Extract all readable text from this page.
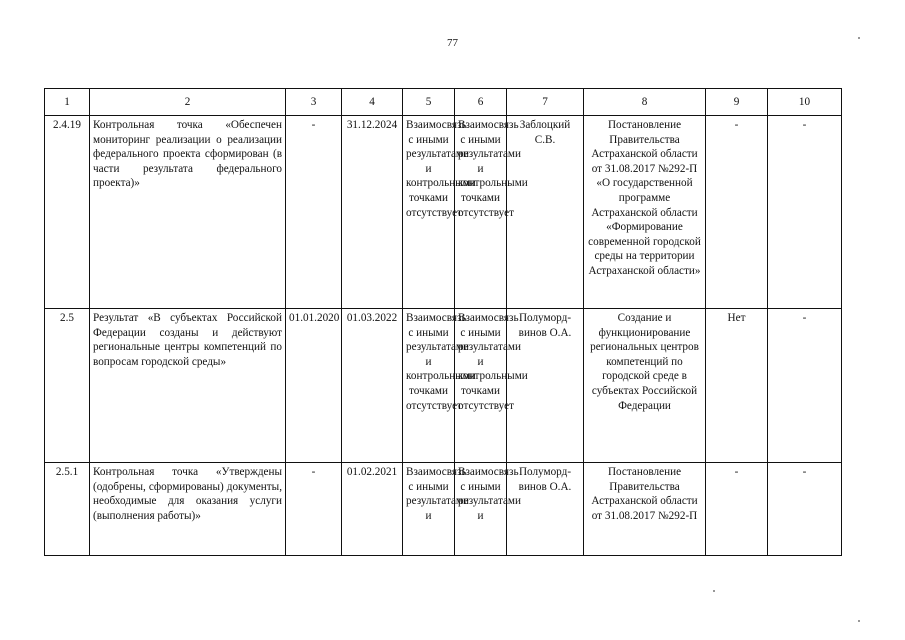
77
1	2	3	4	5	6	7	8	9	10
2.4.19	Контрольная точка «Обеспечен мониторинг реализации о реализации федерального проекта сформирован (в части результата федерального проекта)»	-	31.12.2024	Взаимосвязь с иными результатами и контрольными точками отсутствует	Взаимосвязь с иными результатами и контрольными точками отсутствует	Заблоцкий С.В.	Постановление Правительства Астраханской области от 31.08.2017 №292-П «О государственной программе Астраханской области «Формирование современной городской среды на территории Астраханской области»	-	-
2.5	Результат «В субъектах Российской Федерации созданы и действуют региональные центры компетенций по вопросам городской среды»	01.01.2020	01.03.2022	Взаимосвязь с иными результатами и контрольными точками отсутствует	Взаимосвязь с иными результатами и контрольными точками отсутствует	Полуморд-винов О.А.	Создание и функционирование региональных центров компетенций по городской среде в субъектах Российской Федерации	Нет	-
2.5.1	Контрольная точка «Утверждены (одобрены, сформированы) документы, необходимые для оказания услуги (выполнения работы)»	-	01.02.2021	Взаимосвязь с иными результатами и	Взаимосвязь с иными результатами и	Полуморд-винов О.А.	Постановление Правительства Астраханской области от 31.08.2017 №292-П	-	-
